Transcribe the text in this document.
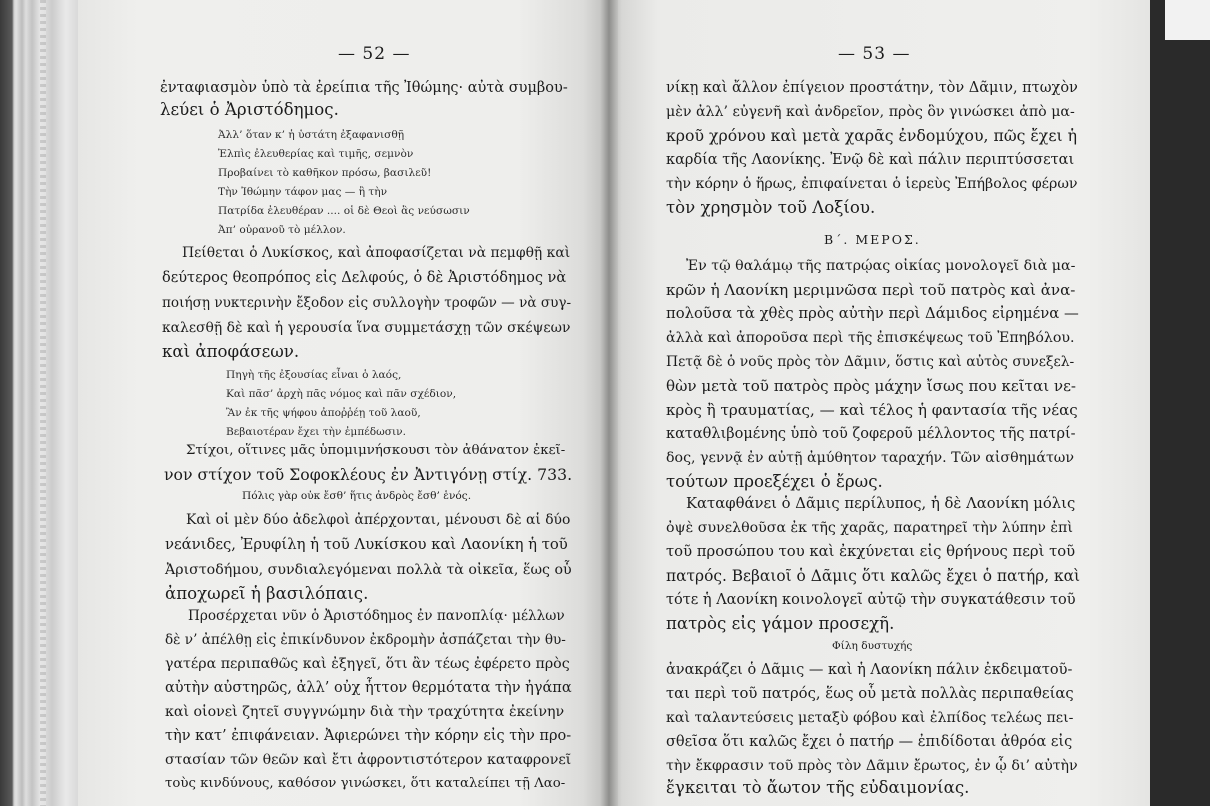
— 52 —
ἐνταφιασμὸν ὑπὸ τὰ ἐρείπια τῆς Ἰθώμης· αὐτὰ συμβου-
λεύει ὁ Ἀριστόδημος.
Ἀλλ’ ὅταν κ’ ἡ ὑστάτη ἐξαφανισθῇ
Ἐλπὶς ἐλευθερίας καὶ τιμῆς, σεμνὸν
Προβαίνει τὸ καθῆκον πρόσω, βασιλεῦ!
Τὴν Ἰθώμην τάφον μας — ἢ τὴν
Πατρίδα ἐλευθέραν .... οἱ δὲ Θεοὶ ἂς νεύσωσιν
Ἀπ’ οὐρανοῦ τὸ μέλλον.
Πείθεται ὁ Λυκίσκος, καὶ ἀποφασίζεται νὰ πεμφθῇ καὶ
δεύτερος θεοπρόπος εἰς Δελφούς, ὁ δὲ Ἀριστόδημος νὰ
ποιήσῃ νυκτερινὴν ἔξοδον εἰς συλλογὴν τροφῶν — νὰ συγ-
καλεσθῇ δὲ καὶ ἡ γερουσία ἵνα συμμετάσχῃ τῶν σκέψεων
καὶ ἀποφάσεων.
Πηγὴ τῆς ἐξουσίας εἶναι ὁ λαός,
Καὶ πᾶσ’ ἀρχὴ πᾶς νόμος καὶ πᾶν σχέδιον,
Ἂν ἐκ τῆς ψήφου ἀποῤῥέῃ τοῦ λαοῦ,
Βεβαιοτέραν ἔχει τὴν ἐμπέδωσιν.
Στίχοι, οἵτινες μᾶς ὑπομιμνήσκουσι τὸν ἀθάνατον ἐκεῖ-
νον στίχον τοῦ Σοφοκλέους ἐν Ἀντιγόνῃ στίχ. 733.
Πόλις γὰρ οὐκ ἔσθ’ ἥτις ἀνδρὸς ἔσθ’ ἑνός.
Καὶ οἱ μὲν δύο ἀδελφοὶ ἀπέρχονται, μένουσι δὲ αἱ δύο
νεάνιδες, Ἐρυφίλη ἡ τοῦ Λυκίσκου καὶ Λαονίκη ἡ τοῦ
Ἀριστοδήμου, συνδιαλεγόμεναι πολλὰ τὰ οἰκεῖα, ἕως οὗ
ἀποχωρεῖ ἡ βασιλόπαις.
Προσέρχεται νῦν ὁ Ἀριστόδημος ἐν πανοπλίᾳ· μέλλων
δὲ ν’ ἀπέλθῃ εἰς ἐπικίνδυνον ἐκδρομὴν ἀσπάζεται τὴν θυ-
γατέρα περιπαθῶς καὶ ἐξηγεῖ, ὅτι ἂν τέως ἐφέρετο πρὸς
αὐτὴν αὐστηρῶς, ἀλλ’ οὐχ ἧττον θερμότατα τὴν ἠγάπα
καὶ οἱονεὶ ζητεῖ συγγνώμην διὰ τὴν τραχύτητα ἐκείνην
τὴν κατ’ ἐπιφάνειαν. Ἀφιερώνει τὴν κόρην εἰς τὴν προ-
στασίαν τῶν θεῶν καὶ ἔτι ἀφροντιστότερον καταφρονεῖ
τοὺς κινδύνους, καθόσον γινώσκει, ὅτι καταλείπει τῇ Λαο-
— 53 —
νίκῃ καὶ ἄλλον ἐπίγειον προστάτην, τὸν Δᾶμιν, πτωχὸν
μὲν ἀλλ’ εὐγενῆ καὶ ἀνδρεῖον, πρὸς ὃν γινώσκει ἀπὸ μα-
κροῦ χρόνου καὶ μετὰ χαρᾶς ἐνδομύχου, πῶς ἔχει ἡ
καρδία τῆς Λαονίκης. Ἐνῷ δὲ καὶ πάλιν περιπτύσσεται
τὴν κόρην ὁ ἥρως, ἐπιφαίνεται ὁ ἱερεὺς Ἐπήβολος φέρων
τὸν χρησμὸν τοῦ Λοξίου.
Β΄. ΜΕΡΟΣ.
Ἐν τῷ θαλάμῳ τῆς πατρῴας οἰκίας μονολογεῖ διὰ μα-
κρῶν ἡ Λαονίκη μεριμνῶσα περὶ τοῦ πατρὸς καὶ ἀνα-
πολοῦσα τὰ χθὲς πρὸς αὐτὴν περὶ Δάμιδος εἰρημένα —
ἀλλὰ καὶ ἀποροῦσα περὶ τῆς ἐπισκέψεως τοῦ Ἐπηβόλου.
Πετᾷ δὲ ὁ νοῦς πρὸς τὸν Δᾶμιν, ὅστις καὶ αὐτὸς συνεξελ-
θὼν μετὰ τοῦ πατρὸς πρὸς μάχην ἴσως που κεῖται νε-
κρὸς ἢ τραυματίας, — καὶ τέλος ἡ φαντασία τῆς νέας
καταθλιβομένης ὑπὸ τοῦ ζοφεροῦ μέλλοντος τῆς πατρί-
δος, γεννᾷ ἐν αὐτῇ ἀμύθητον ταραχήν. Τῶν αἰσθημάτων
τούτων προεξέχει ὁ ἔρως.
Καταφθάνει ὁ Δᾶμις περίλυπος, ἡ δὲ Λαονίκη μόλις
ὀψὲ συνελθοῦσα ἐκ τῆς χαρᾶς, παρατηρεῖ τὴν λύπην ἐπὶ
τοῦ προσώπου του καὶ ἐκχύνεται εἰς θρήνους περὶ τοῦ
πατρός. Βεβαιοῖ ὁ Δᾶμις ὅτι καλῶς ἔχει ὁ πατήρ, καὶ
τότε ἡ Λαονίκη κοινολογεῖ αὐτῷ τὴν συγκατάθεσιν τοῦ
πατρὸς εἰς γάμον προσεχῆ.
Φίλη δυστυχής
ἀνακράζει ὁ Δᾶμις — καὶ ἡ Λαονίκη πάλιν ἐκδειματοῦ-
ται περὶ τοῦ πατρός, ἕως οὗ μετὰ πολλὰς περιπαθείας
καὶ ταλαντεύσεις μεταξὺ φόβου καὶ ἐλπίδος τελέως πει-
σθεῖσα ὅτι καλῶς ἔχει ὁ πατήρ — ἐπιδίδοται ἀθρόα εἰς
τὴν ἔκφρασιν τοῦ πρὸς τὸν Δᾶμιν ἔρωτος, ἐν ᾧ δι’ αὐτὴν
ἔγκειται τὸ ἄωτον τῆς εὐδαιμονίας.
